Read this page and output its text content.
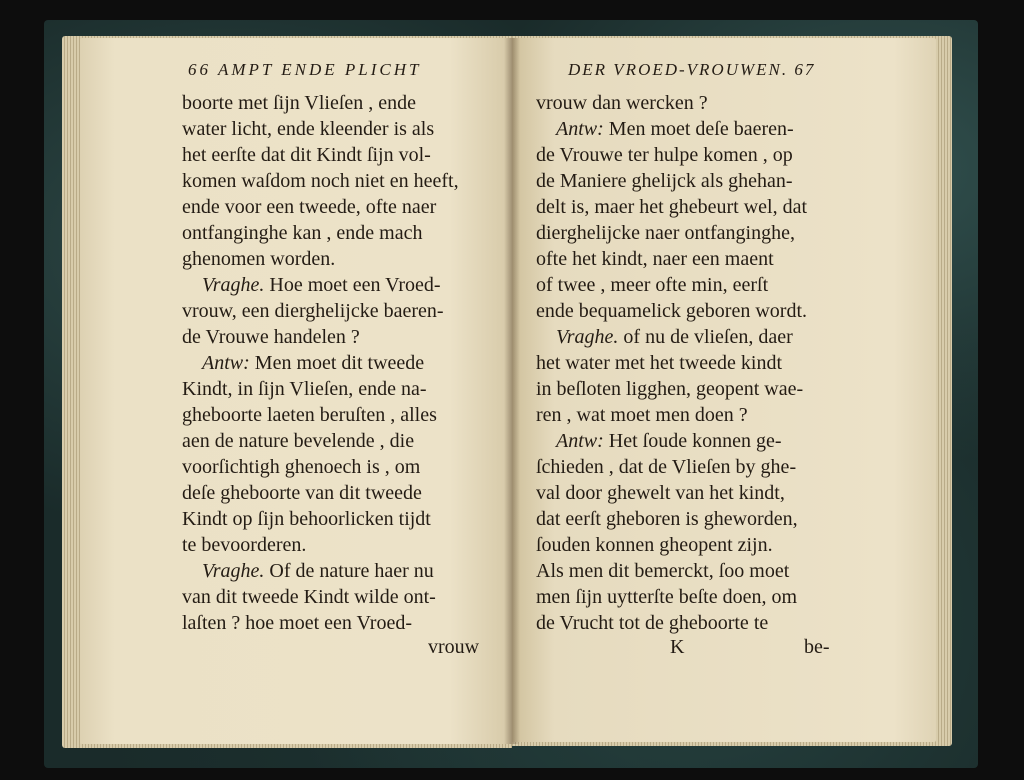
66 AMPT ENDE PLICHT
boorte met ſijn Vlieſen , ende
water licht, ende kleender is als
het eerſte dat dit Kindt ſijn vol-
komen waſdom noch niet en heeft,
ende voor een tweede, ofte naer
ontfanginghe kan , ende mach
ghenomen worden.
Vraghe. Hoe moet een Vroed-
vrouw, een dierghelijcke baeren-
de Vrouwe handelen ?
Antw: Men moet dit tweede
Kindt, in ſijn Vlieſen, ende na-
gheboorte laeten beruſten , alles
aen de nature bevelende , die
voorſichtigh ghenoech is , om
deſe gheboorte van dit tweede
Kindt op ſijn behoorlicken tijdt
te bevoorderen.
Vraghe. Of de nature haer nu
van dit tweede Kindt wilde ont-
laſten ? hoe moet een Vroed-
vrouw
DER VROED-VROUWEN. 67
vrouw dan wercken ?
Antw: Men moet deſe baeren-
de Vrouwe ter hulpe komen , op
de Maniere ghelijck als ghehan-
delt is, maer het ghebeurt wel, dat
dierghelijcke naer ontfanginghe,
ofte het kindt, naer een maent
of twee , meer ofte min, eerſt
ende bequamelick geboren wordt.
Vraghe. of nu de vlieſen, daer
het water met het tweede kindt
in beſloten ligghen, geopent wae-
ren , wat moet men doen ?
Antw: Het ſoude konnen ge-
ſchieden , dat de Vlieſen by ghe-
val door ghewelt van het kindt,
dat eerſt gheboren is gheworden,
ſouden konnen gheopent zijn.
Als men dit bemerckt, ſoo moet
men ſijn uytterſte beſte doen, om
de Vrucht tot de gheboorte te
K	be-
